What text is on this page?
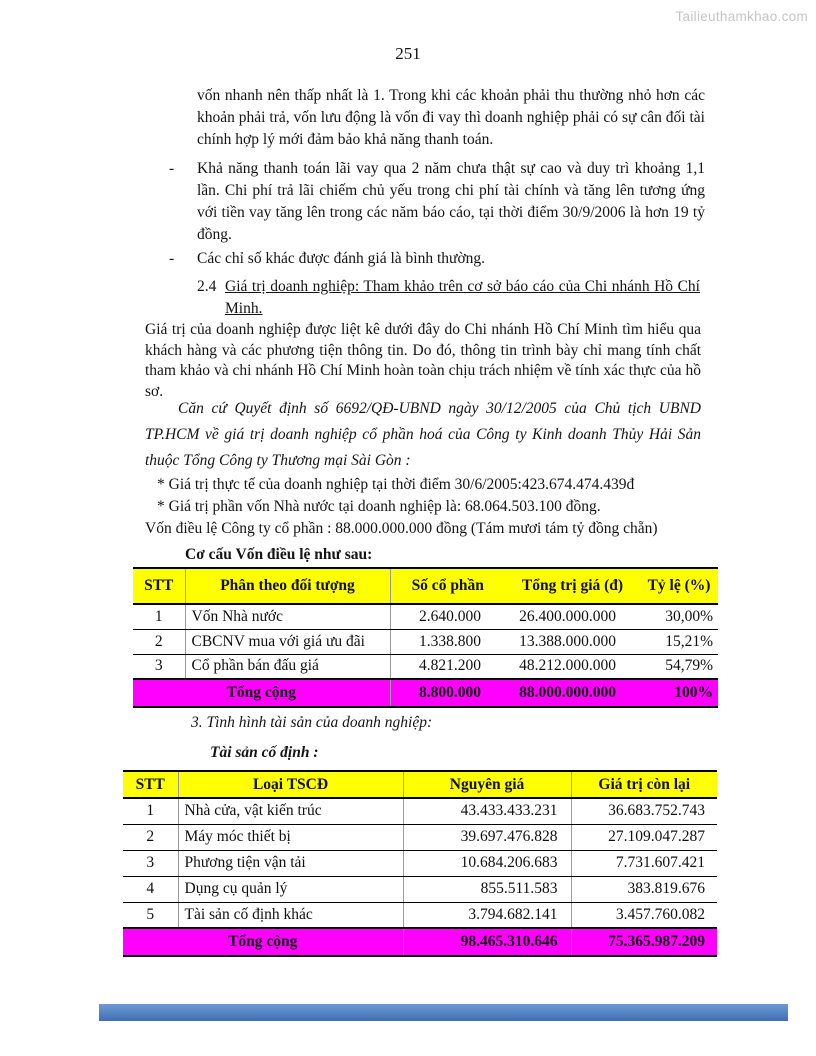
Tailieuthamkhao.com
251
vốn nhanh nên thấp nhất là 1. Trong khi các khoản phải thu thường nhỏ hơn các khoản phải trả, vốn lưu động là vốn đi vay thì doanh nghiệp phải có sự cân đối tài chính hợp lý mới đảm bảo khả năng thanh toán.
- Khả năng thanh toán lãi vay qua 2 năm chưa thật sự cao và duy trì khoảng 1,1 lần. Chi phí trả lãi chiếm chủ yếu trong chi phí tài chính và tăng lên tương ứng với tiền vay tăng lên trong các năm báo cáo, tại thời điểm 30/9/2006 là hơn 19 tỷ đồng.
- Các chỉ số khác được đánh giá là bình thường.
2.4 Giá trị doanh nghiệp: Tham khảo trên cơ sở báo cáo của Chi nhánh Hồ Chí Minh.
Giá trị của doanh nghiệp được liệt kê dưới đây do Chi nhánh Hồ Chí Minh tìm hiểu qua khách hàng và các phương tiện thông tin. Do đó, thông tin trình bày chỉ mang tính chất tham khảo và chi nhánh Hồ Chí Minh hoàn toàn chịu trách nhiệm về tính xác thực của hồ sơ.
Căn cứ Quyết định số 6692/QĐ-UBND ngày 30/12/2005 của Chủ tịch UBND TP.HCM về giá trị doanh nghiệp cổ phần hoá của Công ty Kinh doanh Thủy Hải Sản thuộc Tổng Công ty Thương mại Sài Gòn :
* Giá trị thực tế của doanh nghiệp tại thời điểm 30/6/2005:423.674.474.439đ
* Giá trị phần vốn Nhà nước tại doanh nghiệp là: 68.064.503.100 đồng.
Vốn điều lệ Công ty cổ phần : 88.000.000.000 đồng (Tám mươi tám tỷ đồng chẵn)
Cơ cấu Vốn điều lệ như sau:
STT	Phân theo đối tượng	Số cổ phần	Tổng trị giá (đ)	Tỷ lệ (%)
1	Vốn Nhà nước	2.640.000	26.400.000.000	30,00%
2	CBCNV mua với giá ưu đãi	1.338.800	13.388.000.000	15,21%
3	Cổ phần bán đấu giá	4.821.200	48.212.000.000	54,79%
Tổng cộng		8.800.000	88.000.000.000	100%
3. Tình hình tài sản của doanh nghiệp:
Tài sản cố định :
STT	Loại TSCĐ	Nguyên giá	Giá trị còn lại
1	Nhà cửa, vật kiến trúc	43.433.433.231	36.683.752.743
2	Máy móc thiết bị	39.697.476.828	27.109.047.287
3	Phương tiện vận tải	10.684.206.683	7.731.607.421
4	Dụng cụ quản lý	855.511.583	383.819.676
5	Tài sản cố định khác	3.794.682.141	3.457.760.082
Tổng cộng		98.465.310.646	75.365.987.209
